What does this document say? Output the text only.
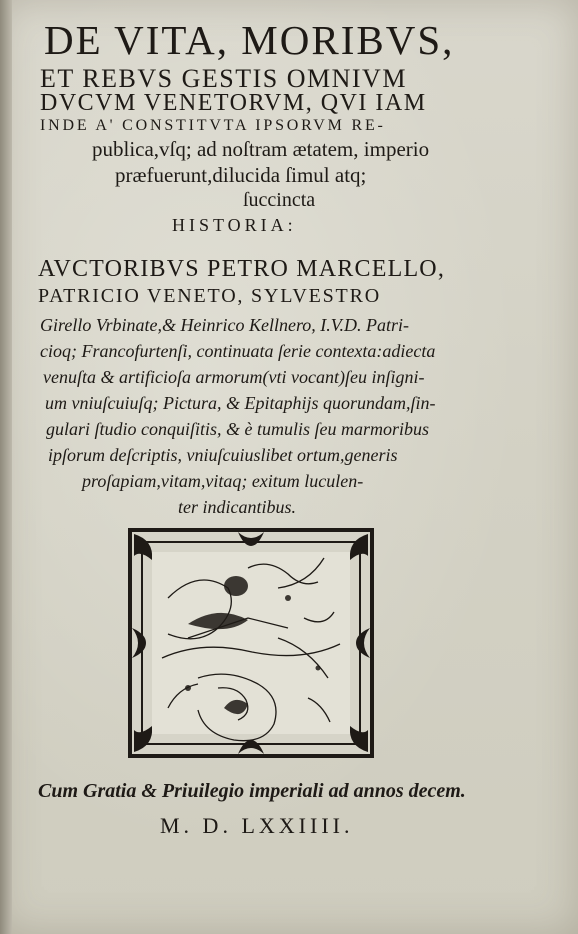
DE VITA, MORIBVS,
ET REBVS GESTIS OMNIVM
DVCVM VENETORVM, QVI IAM
INDE A' CONSTITVTA IPSORVM RE-
publica,vſq; ad noſtram ætatem, imperio
præfuerunt,dilucida ſimul atq;
ſuccincta
HISTORIA:
AVCTORIBVS PETRO MARCELLO,
PATRICIO VENETO, SYLVESTRO
Girello Vrbinate,& Heinrico Kellnero, I.V.D. Patri-
cioq; Francofurtenſi, continuata ſerie contexta:adiecta
venuſta & artificioſa armorum(vti vocant)ſeu inſigni-
um vniuſcuiuſq; Pictura, & Epitaphijs quorundam,ſin-
gulari ſtudio conquiſitis, & è tumulis ſeu marmoribus
ipſorum deſcriptis, vniuſcuiuslibet ortum,generis
proſapiam,vitam,vitaq; exitum luculen-
ter indicantibus.
Cum Gratia & Priuilegio imperiali ad annos decem.
M. D. LXXIIII.
